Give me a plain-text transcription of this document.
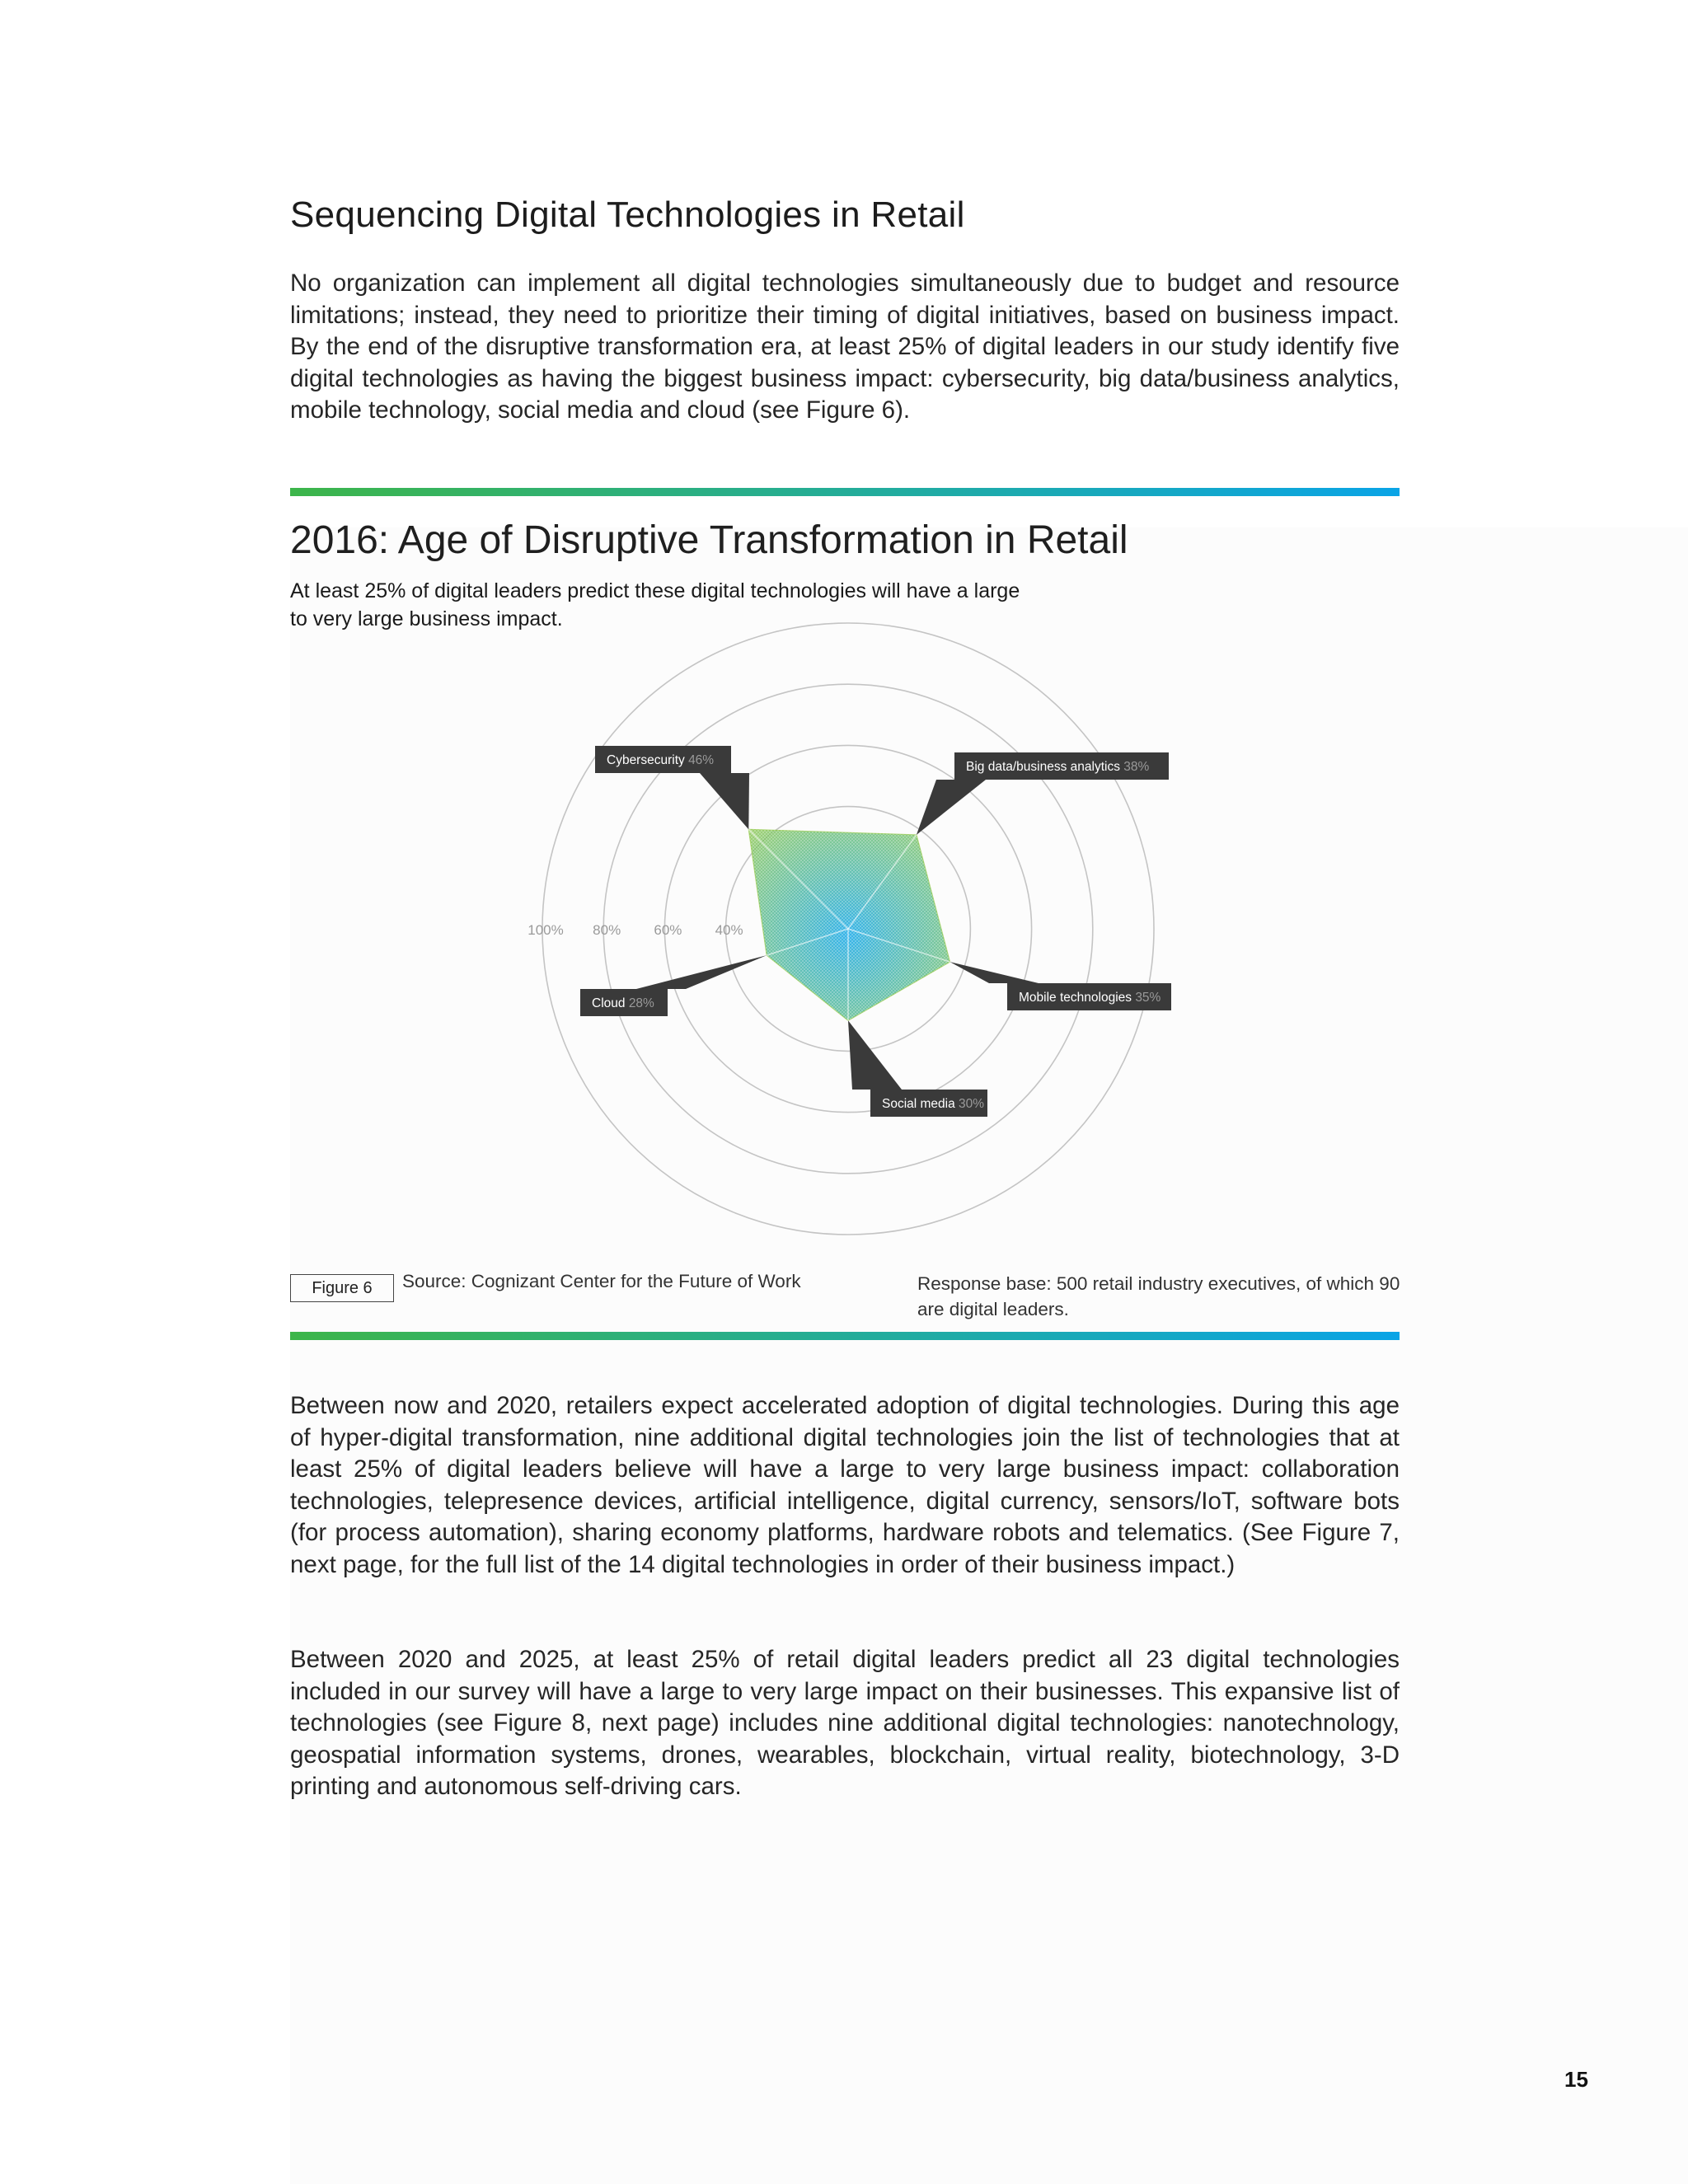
Sequencing Digital Technologies in Retail

No organization can implement all digital technologies simultaneously due to budget and resource limitations; instead, they need to prioritize their timing of digital initiatives, based on business impact. By the end of the disruptive transformation era, at least 25% of digital leaders in our study identify five digital technologies as having the biggest business impact: cybersecurity, big data/business analytics, mobile technology, social media and cloud (see Figure 6).

2016: Age of Disruptive Transformation in Retail

At least 25% of digital leaders predict these digital technologies will have a large to very large business impact.

100% 80% 60% 40%
Cybersecurity 46%	Big data/business analytics 38%
Mobile technologies 35%
Social media 30%
Cloud 28%
Figure 6	Source: Cognizant Center for the Future of Work	Response base: 500 retail industry executives, of which 90 are digital leaders.

Between now and 2020, retailers expect accelerated adoption of digital technologies. During this age of hyper-digital transformation, nine additional digital technologies join the list of technologies that at least 25% of digital leaders believe will have a large to very large business impact: collaboration technologies, telepresence devices, artificial intelligence, digital currency, sensors/IoT, software bots (for process automation), sharing economy platforms, hardware robots and telematics. (See Figure 7, next page, for the full list of the 14 digital technologies in order of their business impact.)

Between 2020 and 2025, at least 25% of retail digital leaders predict all 23 digital technologies included in our survey will have a large to very large impact on their businesses. This expansive list of technologies (see Figure 8, next page) includes nine additional digital technologies: nanotechnology, geospatial information systems, drones, wearables, blockchain, virtual reality, biotechnology, 3-D printing and autonomous self-driving cars.

15
